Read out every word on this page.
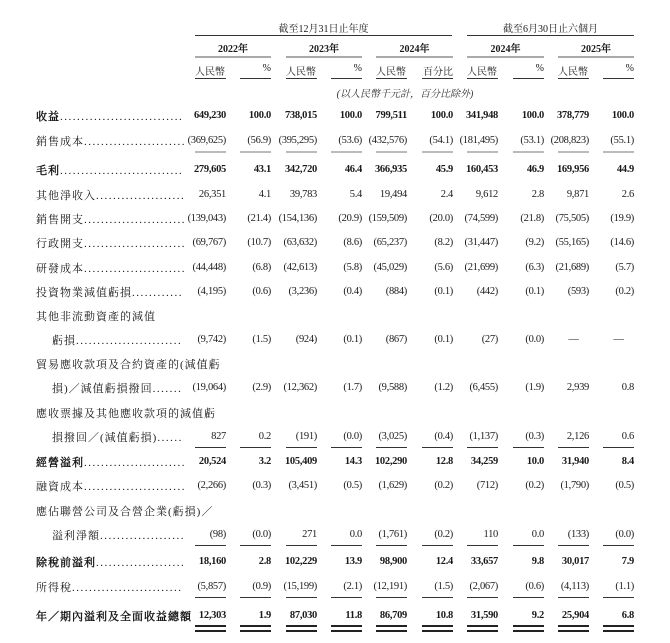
截至12月31日止年度	截至6月30日止六個月
2022年	2023年	2024年	2024年	2025年
人民幣	% 人民幣	% 人民幣 百分比 人民幣	% 人民幣	%
(以人民幣千元計，百分比除外)
收益.............................	649,230	100.0	738,015	100.0	799,511	100.0	341,948	100.0	378,779	100.0
銷售成本........................ (369,625)	(56.9) (395,295)	(53.6) (432,576)	(54.1) (181,495)	(53.1) (208,823)	(55.1)
毛利.............................	279,605	43.1	342,720	46.4	366,935	45.9	160,453	46.9	169,956	44.9
其他淨收入.....................	26,351	4.1	39,783	5.4	19,494	2.4	9,612	2.8	9,871	2.6
銷售開支........................ (139,043)	(21.4) (154,136)	(20.9) (159,509)	(20.0)	(74,599)	(21.8)	(75,505)	(19.9)
行政開支........................ (69,767)	(10.7)	(63,632)	(8.6)	(65,237)	(8.2)	(31,447)	(9.2)	(55,165)	(14.6)
研發成本........................ (44,448)	(6.8)	(42,613)	(5.8)	(45,029)	(5.6)	(21,699)	(6.3)	(21,689)	(5.7)
投資物業減值虧損............	(4,195)	(0.6)	(3,236)	(0.4)	(884)	(0.1)	(442)	(0.1)	(593)	(0.2)
其他非流動資產的減值
虧損.........................	(9,742)	(1.5)	(924)	(0.1)	(867)	(0.1)	(27)	(0.0)	—	—
貿易應收款項及合約資產的(減值虧
損)／減值虧損撥回....... (19,064)	(2.9)	(12,362)	(1.7)	(9,588)	(1.2)	(6,455)	(1.9)	2,939	0.8
應收票據及其他應收款項的減值虧
損撥回／(減值虧損)......	827	0.2	(191)	(0.0)	(3,025)	(0.4)	(1,137)	(0.3)	2,126	0.6
經營溢利........................	20,524	3.2	105,409	14.3	102,290	12.8	34,259	10.0	31,940	8.4
融資成本........................	(2,266)	(0.3)	(3,451)	(0.5)	(1,629)	(0.2)	(712)	(0.2)	(1,790)	(0.5)
應佔聯營公司及合營企業(虧損)／
溢利淨額....................	(98)	(0.0)	271	0.0	(1,761)	(0.2)	110	0.0	(133)	(0.0)
除稅前溢利.....................	18,160	2.8	102,229	13.9	98,900	12.4	33,657	9.8	30,017	7.9
所得稅..........................	(5,857)	(0.9)	(15,199)	(2.1)	(12,191)	(1.5)	(2,067)	(0.6)	(4,113)	(1.1)
年／期內溢利及全面收益總額 12,303	1.9	87,030	11.8	86,709	10.8	31,590	9.2	25,904	6.8
